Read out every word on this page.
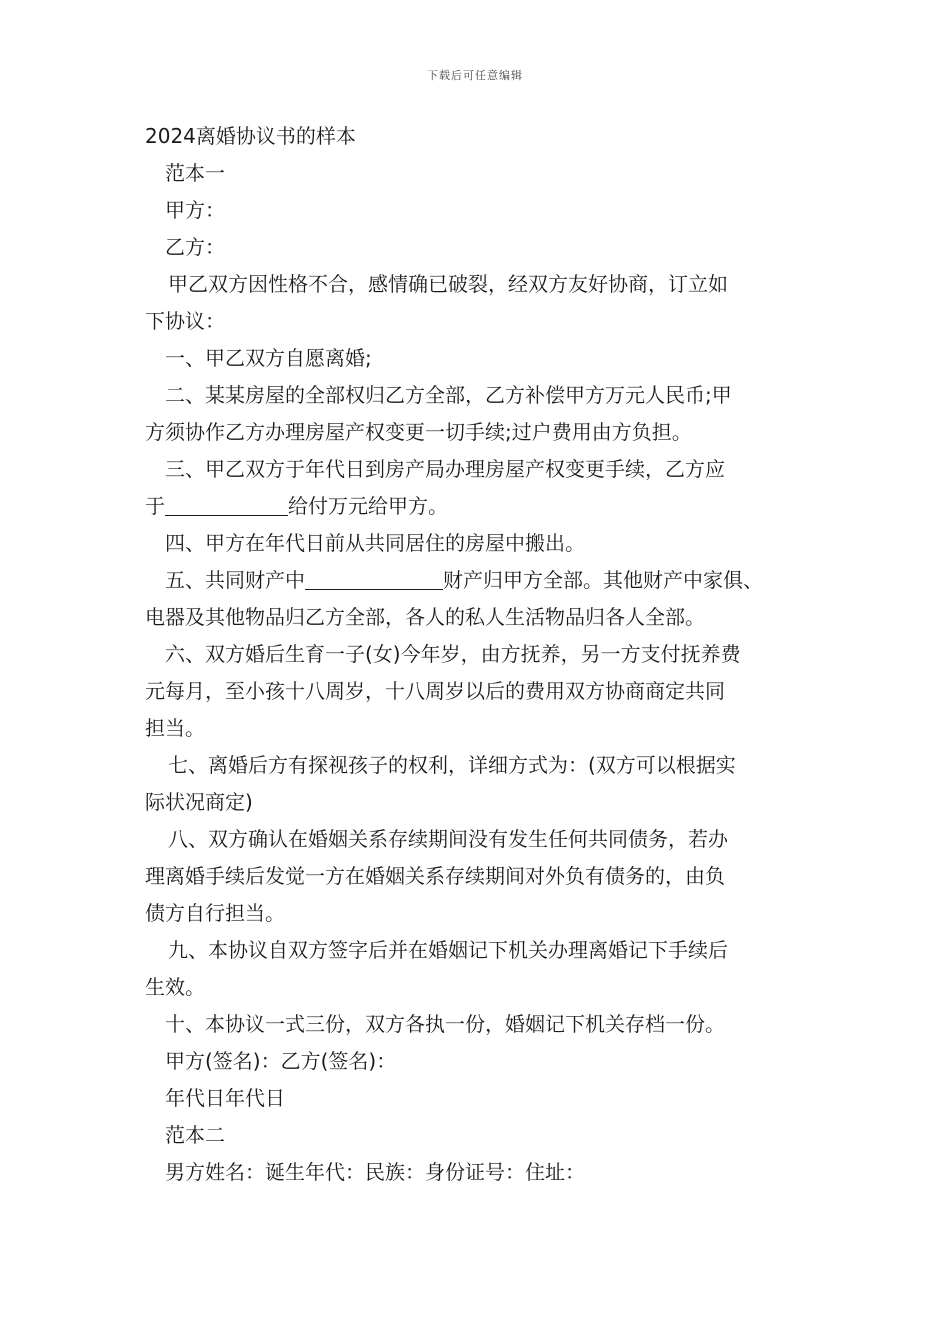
下载后可任意编辑

2024离婚协议书的样本

范本一

甲方：

乙方：

甲乙双方因性格不合，感情确已破裂，经双方友好协商，订立如

下协议：

一、甲乙双方自愿离婚;

二、某某房屋的全部权归乙方全部，乙方补偿甲方万元人民币;甲

方须协作乙方办理房屋产权变更一切手续;过户费用由方负担。

三、甲乙双方于年代日到房产局办理房屋产权变更手续，乙方应

于	给付万元给甲方。

四、甲方在年代日前从共同居住的房屋中搬出。

五、共同财产中	财产归甲方全部。其他财产中家俱、

电器及其他物品归乙方全部，各人的私人生活物品归各人全部。

六、双方婚后生育一子(女)今年岁，由方抚养，另一方支付抚养费

元每月，至小孩十八周岁，十八周岁以后的费用双方协商商定共同

担当。

七、离婚后方有探视孩子的权利，详细方式为：(双方可以根据实

际状况商定)

八、双方确认在婚姻关系存续期间没有发生任何共同债务，若办

理离婚手续后发觉一方在婚姻关系存续期间对外负有债务的，由负

债方自行担当。

九、本协议自双方签字后并在婚姻记下机关办理离婚记下手续后

生效。

十、本协议一式三份，双方各执一份，婚姻记下机关存档一份。

甲方(签名)：乙方(签名)：

年代日年代日

范本二

男方姓名：诞生年代：民族：身份证号：住址：
